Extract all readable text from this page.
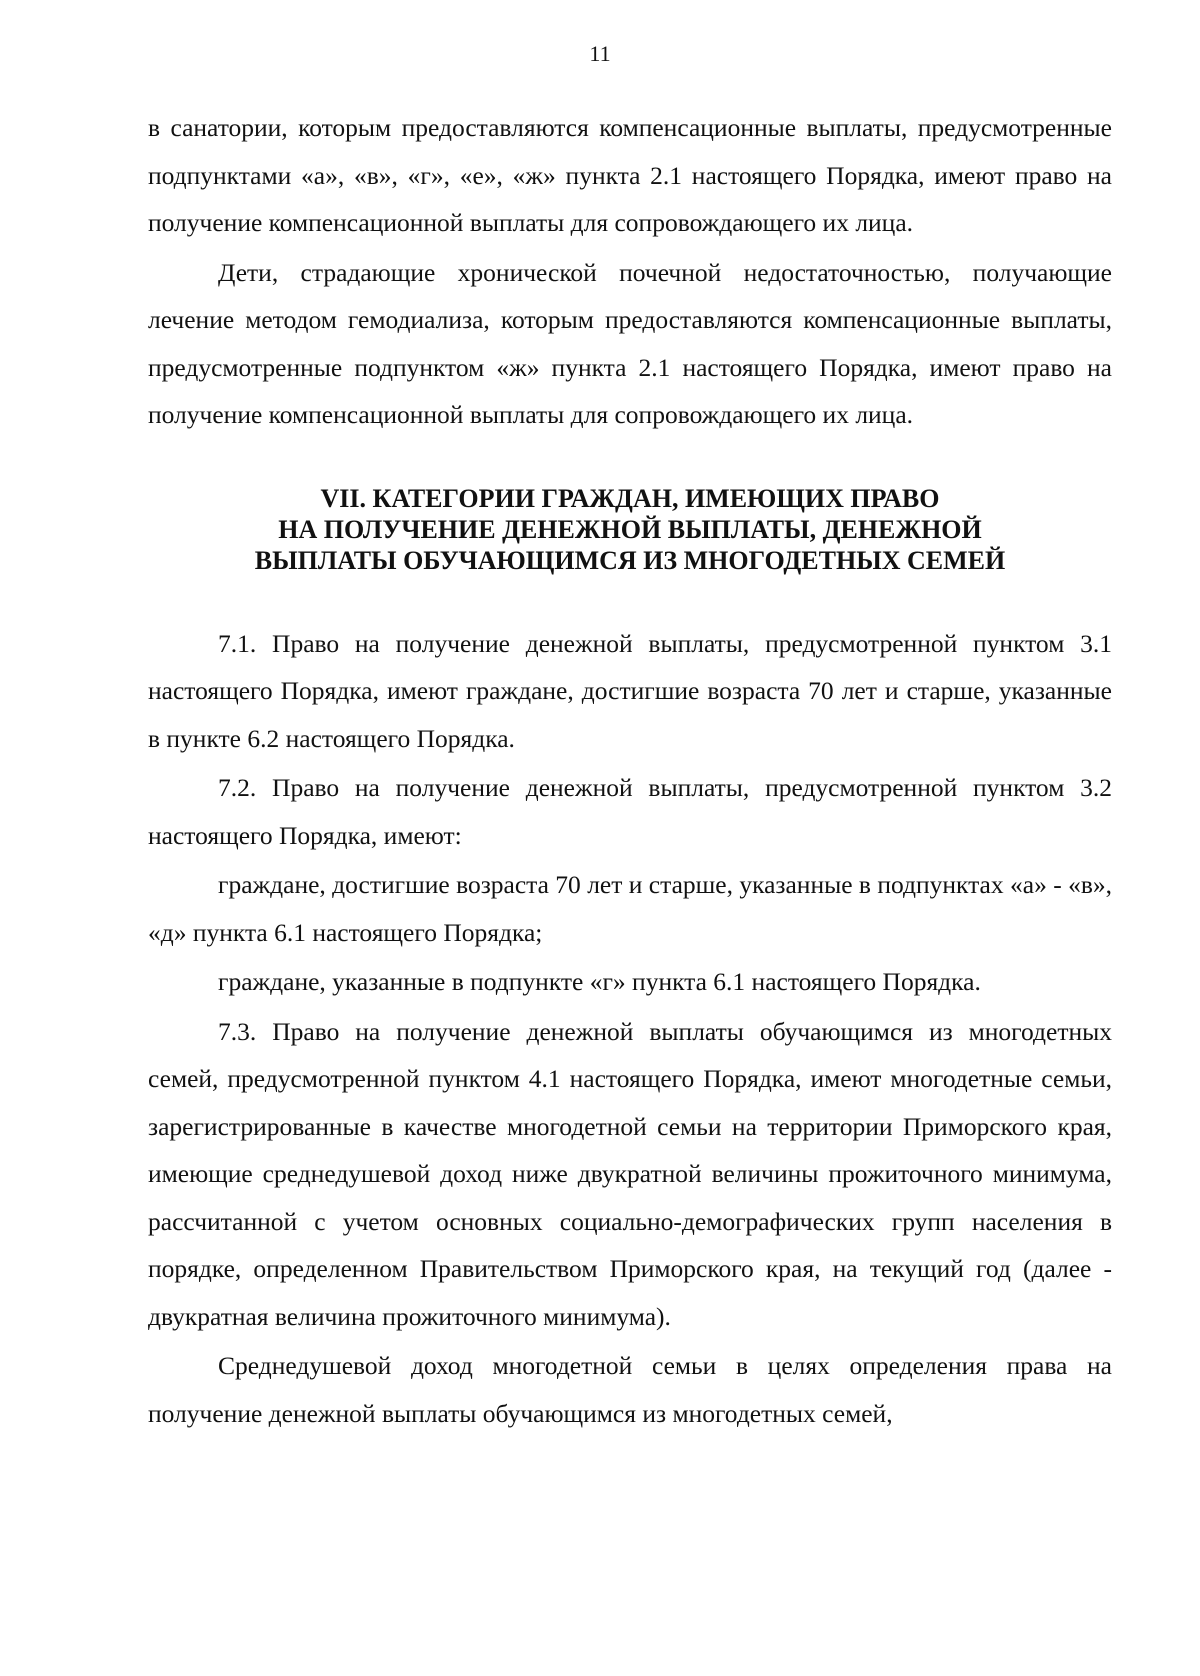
11

в санатории, которым предоставляются компенсационные выплаты, предусмотренные подпунктами «а», «в», «г», «е», «ж» пункта 2.1 настоящего Порядка, имеют право на получение компенсационной выплаты для сопровождающего их лица.

Дети, страдающие хронической почечной недостаточностью, получающие лечение методом гемодиализа, которым предоставляются компенсационные выплаты, предусмотренные подпунктом «ж» пункта 2.1 настоящего Порядка, имеют право на получение компенсационной выплаты для сопровождающего их лица.

VII. КАТЕГОРИИ ГРАЖДАН, ИМЕЮЩИХ ПРАВО
НА ПОЛУЧЕНИЕ ДЕНЕЖНОЙ ВЫПЛАТЫ, ДЕНЕЖНОЙ
ВЫПЛАТЫ ОБУЧАЮЩИМСЯ ИЗ МНОГОДЕТНЫХ СЕМЕЙ

7.1. Право на получение денежной выплаты, предусмотренной пунктом 3.1 настоящего Порядка, имеют граждане, достигшие возраста 70 лет и старше, указанные в пункте 6.2 настоящего Порядка.

7.2. Право на получение денежной выплаты, предусмотренной пунктом 3.2 настоящего Порядка, имеют:

граждане, достигшие возраста 70 лет и старше, указанные в подпунктах «а» - «в», «д» пункта 6.1 настоящего Порядка;

граждане, указанные в подпункте «г» пункта 6.1 настоящего Порядка.

7.3. Право на получение денежной выплаты обучающимся из многодетных семей, предусмотренной пунктом 4.1 настоящего Порядка, имеют многодетные семьи, зарегистрированные в качестве многодетной семьи на территории Приморского края, имеющие среднедушевой доход ниже двукратной величины прожиточного минимума, рассчитанной с учетом основных социально-демографических групп населения в порядке, определенном Правительством Приморского края, на текущий год (далее - двукратная величина прожиточного минимума).

Среднедушевой доход многодетной семьи в целях определения права на получение денежной выплаты обучающимся из многодетных семей,
